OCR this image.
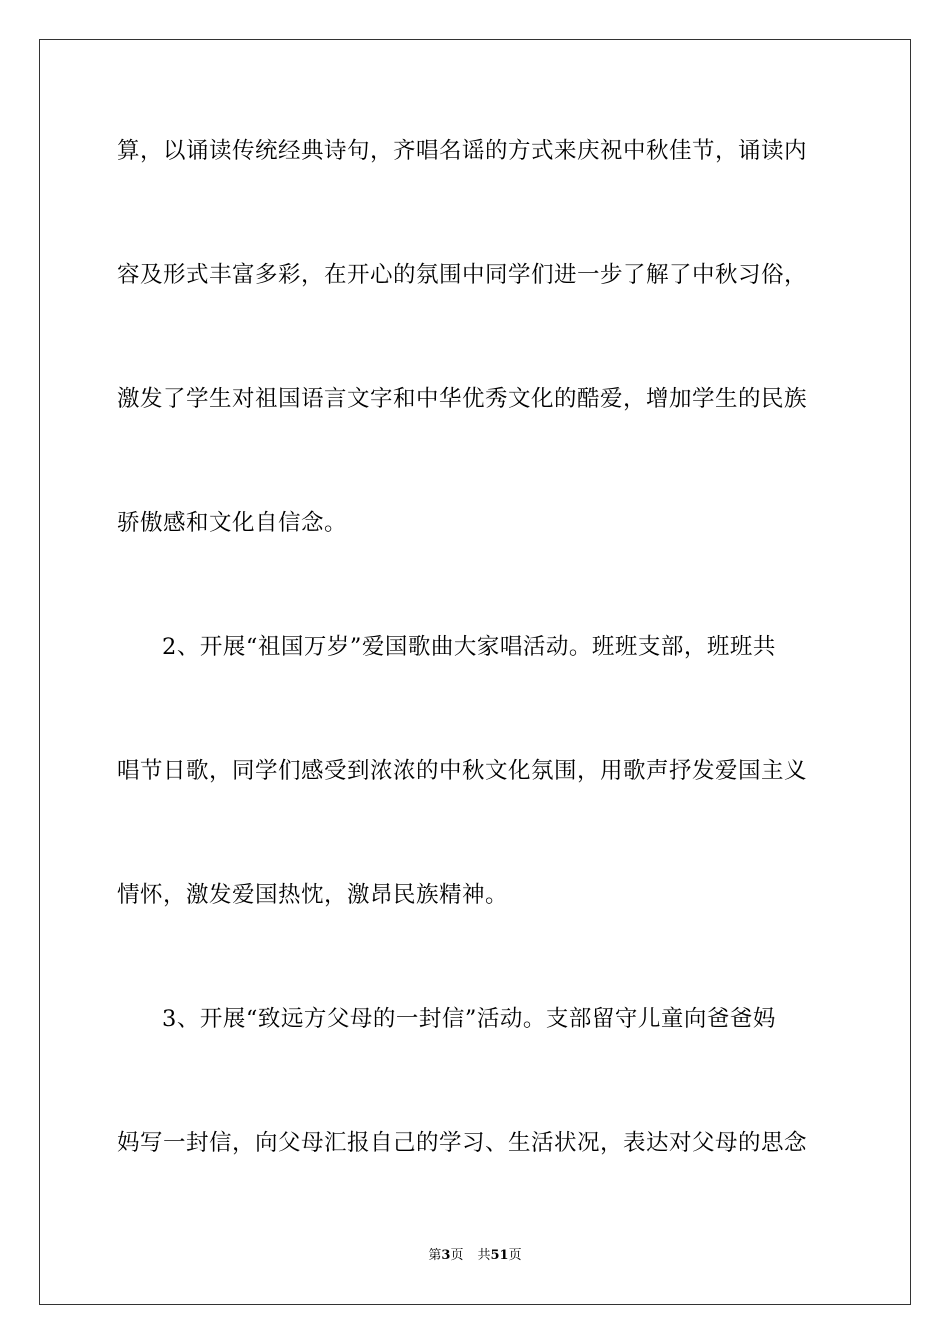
算，以诵读传统经典诗句，齐唱名谣的方式来庆祝中秋佳节，诵读内
容及形式丰富多彩，在开心的氛围中同学们进一步了解了中秋习俗，
激发了学生对祖国语言文字和中华优秀文化的酷爱，增加学生的民族
骄傲感和文化自信念。
2、开展“祖国万岁”爱国歌曲大家唱活动。班班支部，班班共
唱节日歌，同学们感受到浓浓的中秋文化氛围，用歌声抒发爱国主义
情怀，激发爱国热忱，激昂民族精神。
3、开展“致远方父母的一封信”活动。支部留守儿童向爸爸妈
妈写一封信，向父母汇报自己的学习、生活状况，表达对父母的思念
第3页 共51页
